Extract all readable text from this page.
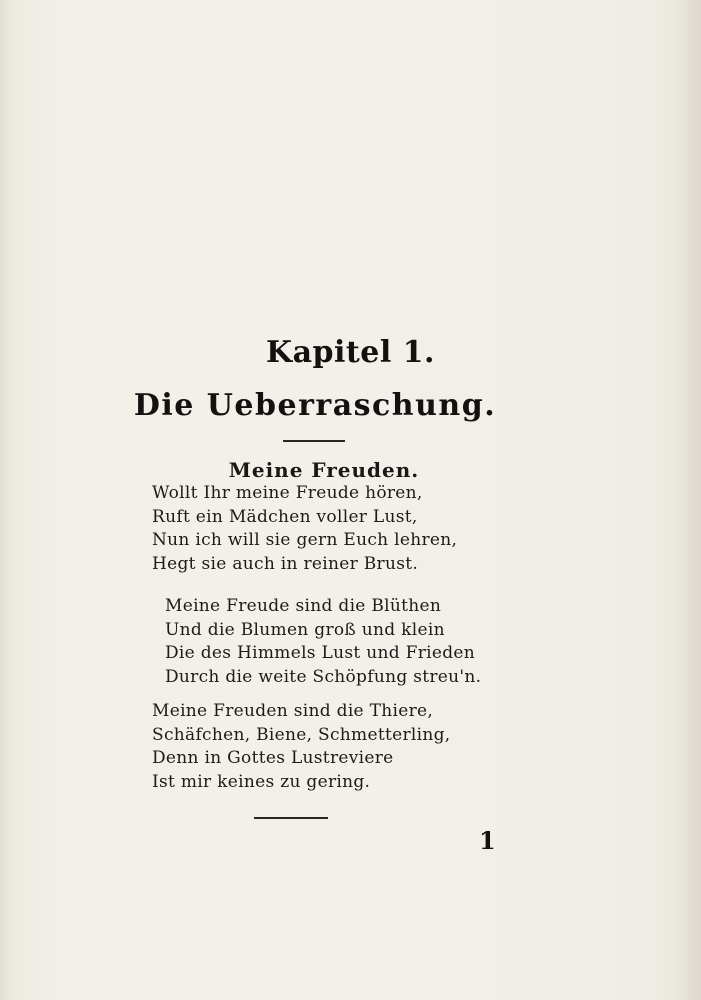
Kapitel 1.
Die Ueberraschung.
Meine Freuden.
Wollt Ihr meine Freude hören,
Ruft ein Mädchen voller Lust,
Nun ich will sie gern Euch lehren,
Hegt sie auch in reiner Brust.
Meine Freude sind die Blüthen
Und die Blumen groß und klein
Die des Himmels Lust und Frieden
Durch die weite Schöpfung streu'n.
Meine Freuden sind die Thiere,
Schäfchen, Biene, Schmetterling,
Denn in Gottes Lustreviere
Ist mir keines zu gering.
1
